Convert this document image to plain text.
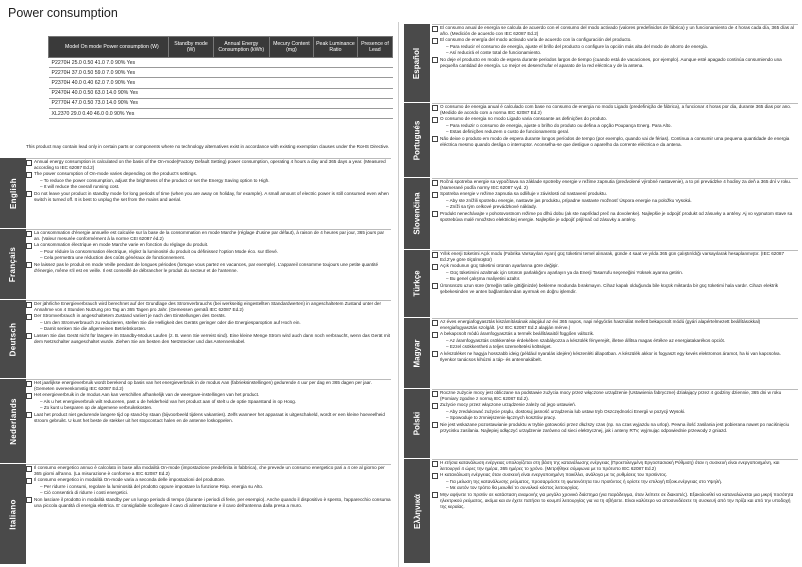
Power consumption
Model On mode Power consumption (W)	Standby mode (W)	Annual Energy Consumption (kWh)	Mecury Content (mg)	Peak Luminance Ratio	Presence of Lead
P2270H 25.0 0.50 41.0 7.0 90% Yes
P2270H 37.0 0.50 59.0 7.0 90% Yes
P2370H 40.0 0.40 62.0 7.0 90% Yes
P2470H 40.0 0.50 63.0 14.0 90% Yes
P2770H 47.0 0.50 73.0 14.0 90% Yes
XL2370 29.0 0.40 46.0 0.0 90% Yes
This product may contain lead only in certain parts or components where no technology alternatives exist in accordance with existing exemption clauses under the RoHS Directive.
English

Annual energy consumption is calculated on the basis of the On-mode(Factory Default Setting) power consumption, operating 4 hours a day and 365 days a year. (Measured according to IEC 62087 Ed.2)

The power consumption of On-mode varies depending on the product's settings.

– To reduce the power consumption, adjust the brightness of the product or set the Energy Saving option to High.

– It will reduce the overall running cost.

Do not leave your product in standby mode for long periods of time (when you are away on holiday, for example). A small amount of electric power is still consumed even when switch is turned off. It is best to unplug the set from the mains and aerial.

Français

La consommation d'énergie annuelle est calculée sur la base de la consommation en mode Marche (réglage d'usine par défaut), à raison de 4 heures par jour, 365 jours par an. (Valeur mesurée conformément à la norme CEI 62087 éd.2)

La consommation électrique en mode Marche varie en fonction du réglage du produit.

– Pour réduire la consommation électrique, réglez la luminosité du produit ou définissez l'option Mode éco. sur Élevé.

– Cela permettra une réduction des coûts généraux de fonctionnement.

Ne laissez pas le produit en mode Veille pendant de longues périodes (lorsque vous partez en vacances, par exemple). L'appareil consomme toujours une petite quantité d'énergie, même s'il est en veille. Il est conseillé de débrancher le produit du secteur et de l'antenne.

Deutsch

Der jährliche Energieverbrauch wird berechnet auf der Grundlage des Stromverbrauchs (bei werkseitig eingestellten Standardwerten) in angeschaltetem Zustand unter der Annahme von 4 Stunden Nutzung pro Tag an 365 Tagen pro Jahr. (Gemessen gemäß IEC 62087 Ed.2)

Der Stromverbrauch in angeschaltetem Zustand variiert je nach den Einstellungen des Geräts.

– Um den Stromverbrauch zu reduzieren, stellen Sie die Helligkeit des Geräts geringer oder die Energiesparoption auf Hoch ein.

– Damit senken Sie die allgemeinen Betriebskosten.

Lassen Sie das Gerät nicht für längere im Standby-Modus Laufen (z. B. wenn Sie verreist sind). Eine kleine Menge Strom wird auch dann noch verbraucht, wenn das Gerät mit dem Netzschalter ausgeschaltet wurde. Ziehen Sie am besten den Netzstecker und das Antennenkabel.

Nederlands

Het jaarlijkse energieverbruik wordt berekend op basis van het energieverbruik in de modus Aan (fabrieksinstellingen) gedurende 4 uur per dag en 365 dagen per jaar. (Gemeten overeenkomstig IEC 62087 Ed.2)

Het energieverbruik in de modus Aan kan verschillen afhankelijk van de weergave-instellingen van het product.

– Als u het energieverbruik wilt reduceren, past u de helderheid van het product aan of stelt u de optie Spaarstand in op Hoog.

– Zo kunt u besparen op de algemene verbruikskosten.

Laat het product niet gedurende langere tijd op stand-by staan (bijvoorbeeld tijdens vakanties). Zelfs wanneer het apparaat is uitgeschakeld, wordt er een kleine hoeveelheid stroom gebruikt. U kunt het beste de stekker uit het stopcontact halen en de antenne loskoppelen.

Italiano

Il consumo energetico annuo è calcolato in base alla modalità On-mode (impostazione predefinita in fabbrica), che prevede un consumo energetico pari a 4 ore al giorno per 365 giorni all'anno. (La misurazione è conforme a IEC 62087 Ed.2)

Il consumo energetico in modalità On-mode varia a seconda delle impostazioni del produttore.

– Per ridurre i consumi, regolare la luminosità del prodotto oppure impostare la funzione Risp. energia su Alto.

– Ciò consentirà di ridurre i costi energetici.

Non lasciare il prodotto in modalità standby per un lungo periodo di tempo (durante i periodi di ferie, per esempio). Anche quando il dispositivo è spento, l'apparecchio consuma una piccola quantità di energia elettrica. E' consigliabile scollegare il cavo di alimentazione e il cavo dell'antenna dalla presa a muro.

Español

El consumo anual de energía se calcula de acuerdo con el consumo del modo activado (valores predefinidos de fábrica) y un funcionamiento de 4 horas cada día, 365 días al año. (Medición de acuerdo con IEC 62087 Ed.2)

El consumo de energía del modo activado varía de acuerdo con la configuración del producto.

– Para reducir el consumo de energía, ajuste el brillo del producto o configure la opción más alta del modo de ahorro de energía.

– Así reducirá el coste total de funcionamiento.

No deje el producto en modo de espera durante periodos largos de tiempo (cuando está de vacaciones, por ejemplo). Aunque esté apagado continúa consumiendo una pequeña cantidad de energía. Lo mejor es desenchufar el aparato de la red eléctrica y de la antena.

Portugués

O consumo de energia anual é calculado com base no consumo de energia no modo Ligado (predefinição de fábrica), a funcionar 4 horas por dia, durante 365 dias por ano. (Medido de acordo com a norma IEC 62087 Ed.2)

O consumo de energia no modo Ligado varia consoante as definições do produto.

– Para reduzir o consumo de energia, ajuste o brilho do produto ou defina a opção Poupança Energ. Para Alto.

– Estas definições reduzem o custo de funcionamento geral.

Não deixe o produto em modo de espera durante longos períodos de tempo (por exemplo, quando vai de férias). Continua a consumir uma pequena quantidade de energia eléctrica mesmo quando desliga o interruptor. Aconselha-se que desligue o aparelho da corrente eléctrica e da antena.

Slovenčina

Ročná spotreba energie sa vypočítava na základe spotreby energie v režime zapnutia (predvolené výrobné nastavenie), a to pri prevádzke 4 hodiny za deň a 365 dní v roku. (Namerané podľa normy IEC 62087 vyd. 2)

Spotreba energie v režime zapnutia sa odlišuje v závislosti od nastavení produktu.

– Aby ste znížili spotrebu energie, nastavte jas produktu, prípadne nastavte možnosť Úspora energie na položku Vysoká.

– Zníži sa tým celkové prevádzkové náklady.

Produkt nenechávajte v pohotovostnom režime po dlhú dobu (ak ste napríklad preč na dovolenke). Najlepšie je odpojiť produkt od zásuvky a antény. Aj vo vypnutom stave sa spotrebúva malé množstvo elektrickej energie. Najlepšie je odpojiť prijímač od zásuvky a antény.

Türkçe

Yıllık enerji tüketimi Açık modu (Fabrika Varsayılan Ayarı) güç tüketimi temel alınarak, günde 4 saat ve yılda 365 gün çalıştırıldığı varsayılarak hesaplanmıştır. (IEC 62087 Ed.2'ye göre ölçülmüştür)

Açık modunun güç tüketimi ürünün ayarlarına göre değişir.

– Güç tüketimini azaltmak için ürünün parlaklığını ayarlayın ya da Enerji Tasarrufu seçeneğini Yüksek ayarına getirin.

– Bu genel çalışma maliyetini azaltır.

Ürününüzü uzun süre (örneğin tatile gittiğinizde) bekleme modunda bırakmayın. Cihaz kapalı olduğunda bile küçük miktarda bir güç tüketimi hala vardır. Cihazı elektrik şebekesinden ve anten bağlantılarından ayırmak en doğru işlemdir.

Magyar

Az éves energiafogyasztás kiszámításának alapjául az évi 365 napos, napi négyórás használat mellett bekapcsolt módú (gyári alapértelmezett beállításokkal) energiafogyasztás szolgált. (Az IEC 62087 Ed.2 alapján mérve.)

A bekapcsolt módú áramfogyasztás a termék beállításaitól függően változik.

– Az áramfogyasztás csökkentése érdekében szabályozza a készülék fényerejét, illetve állítsa magas értékre az energiatakarékos opciót.

– Ezzel csökkentheti a teljes üzemeltetési költséget.

A készüléket ne hagyja hosszabb ideig (például nyaralás idejére) készenléti állapotban. A készülék akkor is fogyaszt egy kevés elektromos áramot, ha ki van kapcsolva. Ilyenkor tanácsos kihúzni a táp- és antennakábelt.

Polski

Roczne zużycie mocy jest obliczane na podstawie zużycia mocy przez włączone urządzenie (Ustawienia fabryczne) działający przez 4 godziny dziennie, 365 dni w roku (Pomiary zgodne z normą IEC 62087 Ed.2).

Zużycie mocy przez włączone urządzenie zależy od jego ustawień.

– Aby zredukować zużycie prądu, dostosuj jasność urządzenia lub ustaw tryb Oszczędności Energii w pozycji Wysoki.

– Spowoduje to zmniejszenie łącznych kosztów pracy.

Nie jest wskazane pozostawianie produktu w trybie gotowości przez dłuższy czas (np. na czas wyjazdu na urlop). Pewna ilość zasilania jest pobierana nawet po naciśnięciu przycisku zasilania. Najlepiej odłączyć urządzenie zarówno od sieci elektrycznej, jak i anteny RTV, wyjmując odpowiednie przewody z gniazd.

Ελληνικά

Η ετήσια κατανάλωση ενέργειας υπολογίζεται στη βάση της κατανάλωσης ενέργειας (Προεπιλεγμένη Εργοστασιακή Ρύθμιση) όταν η συσκευή είναι ενεργοποιημένη, και λειτουργεί 4 ώρες την ημέρα, 365 ημέρες το χρόνο. (Μετρήθηκε σύμφωνα με το πρότυπο IEC 62087 Ed.2)

Η κατανάλωση ενέργειας όταν συσκευή είναι ενεργοποιημένη ποικίλλει, ανάλογα με τις ρυθμίσεις του προϊόντος.

– Για μείωση της κατανάλωσης ρεύματος, προσαρμόστε τη φωτεινότητα του προϊόντος ή ορίστε την επιλογή Εξοικ.ενέργειας στο Υψηλή.

– Με αυτόν τον τρόπο θα μειωθεί το συνολικό κόστος λειτουργίας.

Μην αφήνετε το προϊόν σε κατάσταση αναμονής για μεγάλο χρονικό διάστημα (για παράδειγμα, όταν λείπετε σε διακοπές). Εξακολουθεί να καταναλώνεται μια μικρή ποσότητα ηλεκτρικού ρεύματος, ακόμα και αν έχετε πατήσει το κουμπί λειτουργίας για να τη σβήσετε. Είναι καλύτερο να αποσυνδέσετε τη συσκευή από την πρίζα και από την υποδοχή της κεραίας.
